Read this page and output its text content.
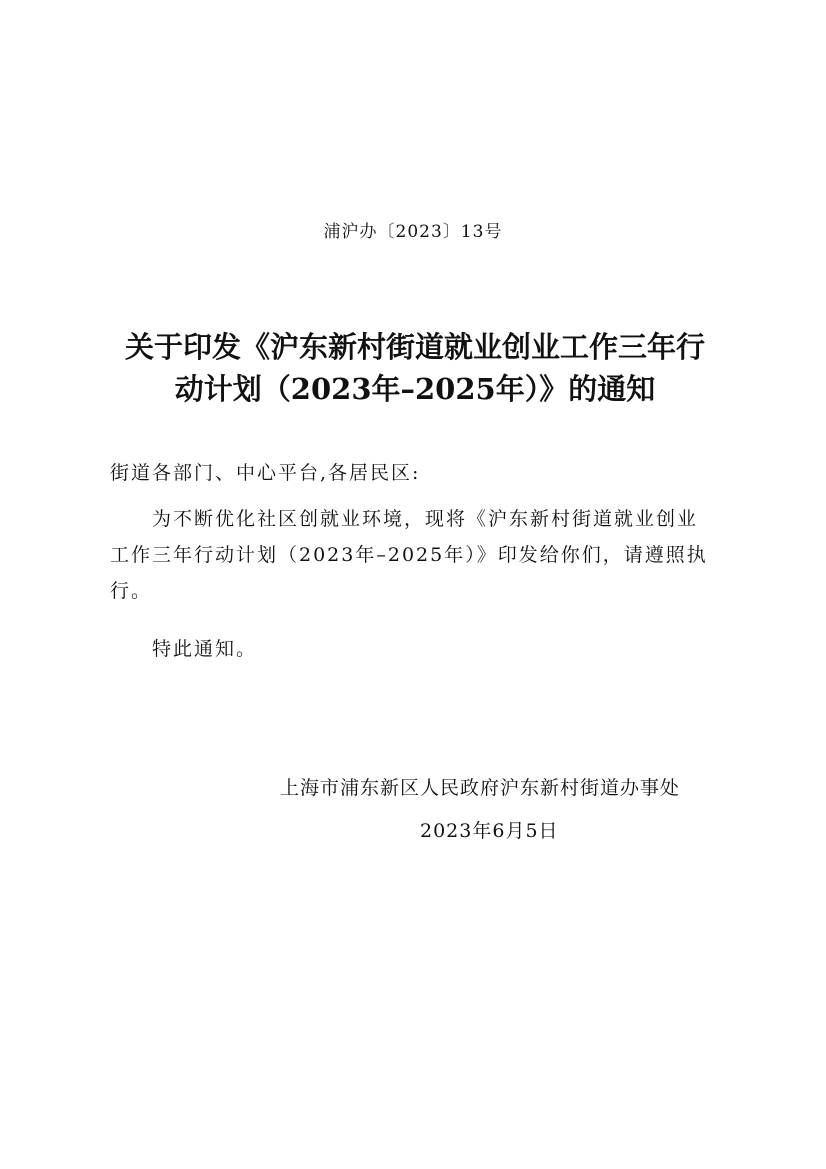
浦沪办〔2023〕13号
关于印发《沪东新村街道就业创业工作三年行
动计划（2023年–2025年）》的通知
街道各部门、中心平台,各居民区:
为不断优化社区创就业环境，现将《沪东新村街道就业创业
工作三年行动计划（2023年–2025年）》印发给你们，请遵照执
行。
特此通知。
上海市浦东新区人民政府沪东新村街道办事处
2023年6月5日
